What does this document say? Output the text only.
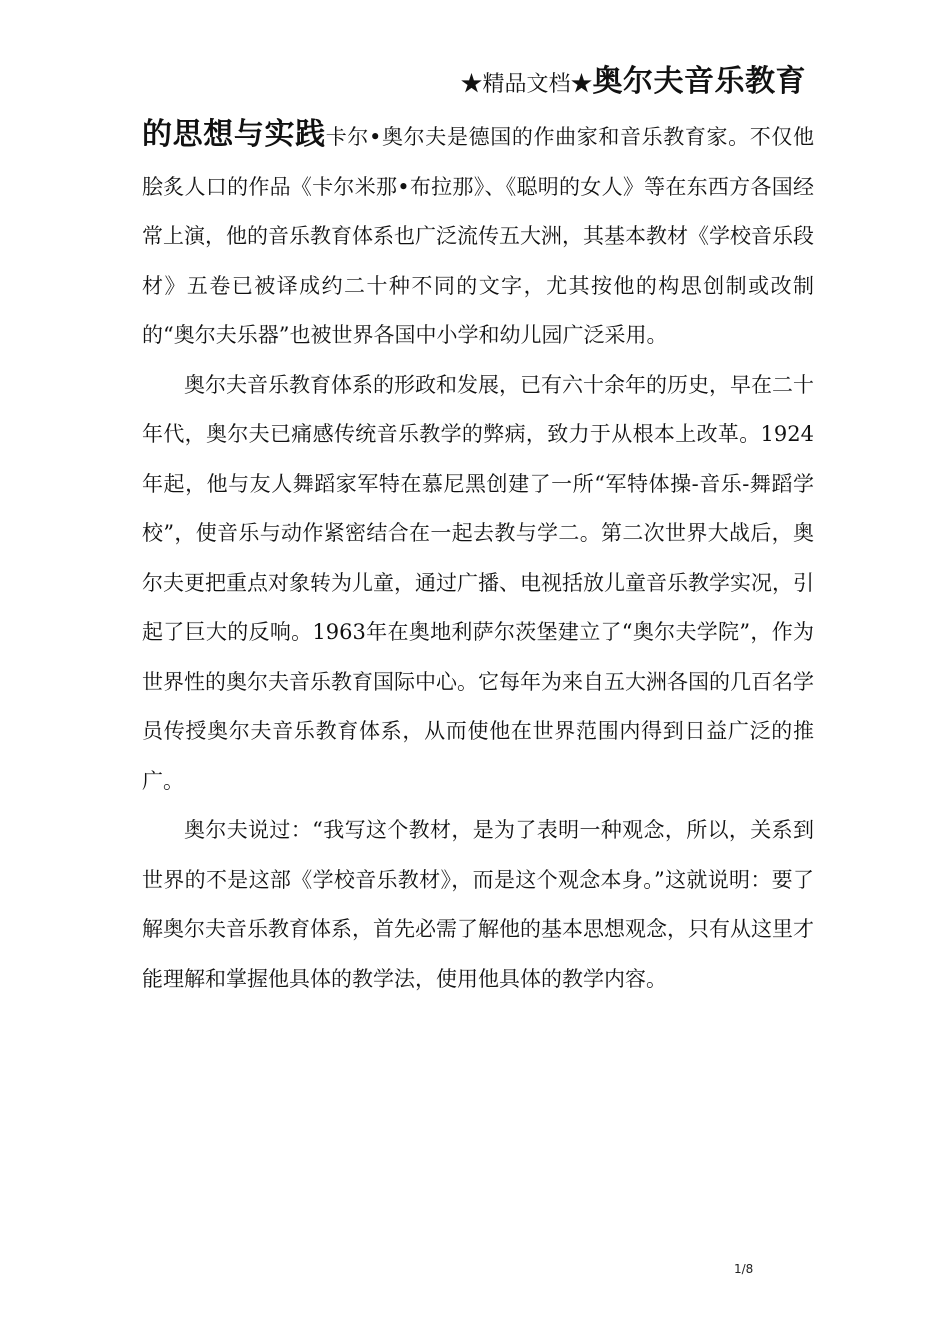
★精品文档★奥尔夫音乐教育

的思想与实践卡尔•奥尔夫是德国的作曲家和音乐教育家。不仅他脍炙人口的作品《卡尔米那•布拉那》、《聪明的女人》等在东西方各国经常上演，他的音乐教育体系也广泛流传五大洲，其基本教材《学校音乐段材》五卷已被译成约二十种不同的文字，尤其按他的构思创制或改制的“奥尔夫乐器”也被世界各国中小学和幼儿园广泛采用。

奥尔夫音乐教育体系的形政和发展，已有六十余年的历史，早在二十年代，奥尔夫已痛感传统音乐教学的弊病，致力于从根本上改革。1924年起，他与友人舞蹈家军特在慕尼黑创建了一所“军特体操-音乐-舞蹈学校”，使音乐与动作紧密结合在一起去教与学二。第二次世界大战后，奥尔夫更把重点对象转为儿童，通过广播、电视括放儿童音乐教学实况，引起了巨大的反响。1963年在奥地利萨尔茨堡建立了“奥尔夫学院”，作为世界性的奥尔夫音乐教育国际中心。它每年为来自五大洲各国的几百名学员传授奥尔夫音乐教育体系，从而使他在世界范围内得到日益广泛的推广。

奥尔夫说过：“我写这个教材，是为了表明一种观念，所以，关系到世界的不是这部《学校音乐教材》，而是这个观念本身。”这就说明：要了解奥尔夫音乐教育体系，首先必需了解他的基本思想观念，只有从这里才能理解和掌握他具体的教学法，使用他具体的教学内容。

1/8
